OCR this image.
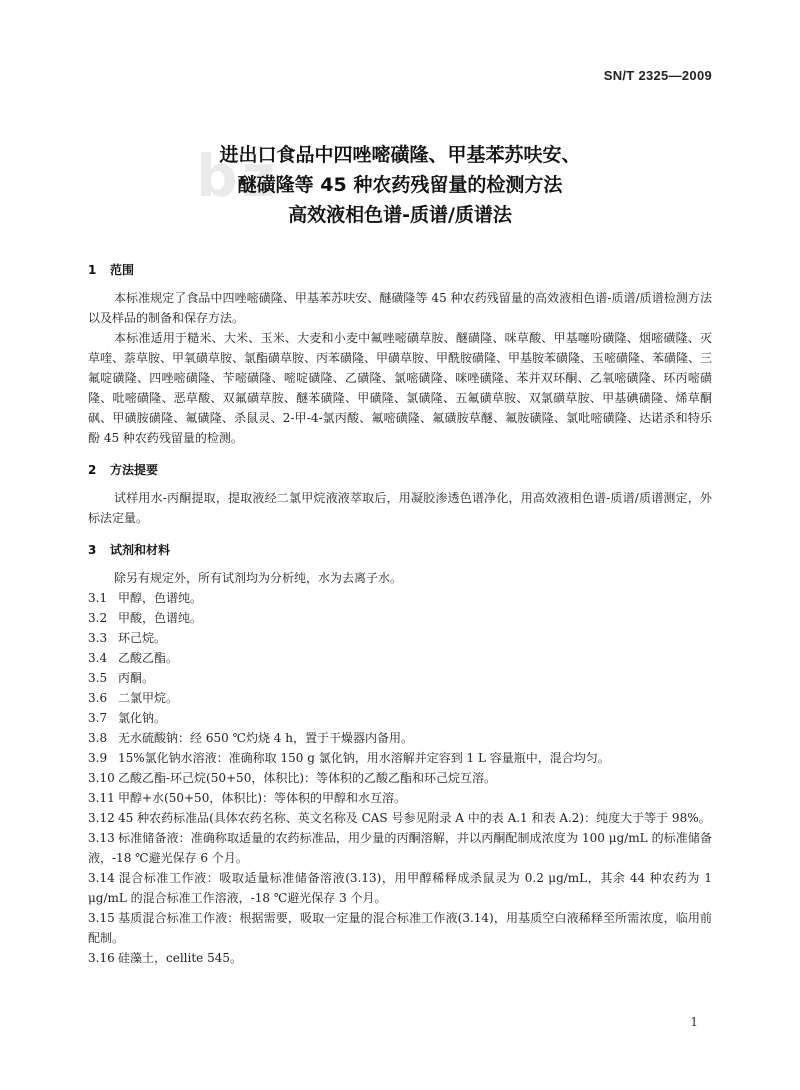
SN/T 2325—2009
bz
进出口食品中四唑嘧磺隆、甲基苯苏呋安、
醚磺隆等 45 种农药残留量的检测方法
高效液相色谱-质谱/质谱法

1 范围

本标准规定了食品中四唑嘧磺隆、甲基苯苏呋安、醚磺隆等 45 种农药残留量的高效液相色谱-质谱/质谱检测方法以及样品的制备和保存方法。

本标准适用于糙米、大米、玉米、大麦和小麦中氟唑嘧磺草胺、醚磺隆、咪草酸、甲基噻吩磺隆、烟嘧磺隆、灭草喹、萘草胺、甲氧磺草胺、氯酯磺草胺、丙苯磺隆、甲磺草胺、甲酰胺磺隆、甲基胺苯磺隆、玉嘧磺隆、苯磺隆、三氟啶磺隆、四唑嘧磺隆、苄嘧磺隆、嘧啶磺隆、乙磺隆、氯嘧磺隆、咪唑磺隆、苯并双环酮、乙氧嘧磺隆、环丙嘧磺隆、吡嘧磺隆、恶草酸、双氟磺草胺、醚苯磺隆、甲磺隆、氯磺隆、五氟磺草胺、双氯磺草胺、甲基碘磺隆、烯草酮砜、甲磺胺磺隆、氟磺隆、杀鼠灵、2-甲-4-氯丙酸、氟嘧磺隆、氟磺胺草醚、氟胺磺隆、氯吡嘧磺隆、达诺杀和特乐酚 45 种农药残留量的检测。

2 方法提要

试样用水-丙酮提取，提取液经二氯甲烷液液萃取后，用凝胶渗透色谱净化，用高效液相色谱-质谱/质谱测定，外标法定量。

3 试剂和材料

除另有规定外，所有试剂均为分析纯，水为去离子水。

3.1 甲醇，色谱纯。

3.2 甲酸，色谱纯。

3.3 环己烷。

3.4 乙酸乙酯。

3.5 丙酮。

3.6 二氯甲烷。

3.7 氯化钠。

3.8 无水硫酸钠：经 650 ℃灼烧 4 h，置于干燥器内备用。

3.9 15%氯化钠水溶液：准确称取 150 g 氯化钠，用水溶解并定容到 1 L 容量瓶中，混合均匀。

3.10 乙酸乙酯-环己烷(50+50，体积比)：等体积的乙酸乙酯和环己烷互溶。

3.11 甲醇+水(50+50，体积比)：等体积的甲醇和水互溶。

3.12 45 种农药标准品(具体农药名称、英文名称及 CAS 号参见附录 A 中的表 A.1 和表 A.2)：纯度大于等于 98%。

3.13 标准储备液：准确称取适量的农药标准品，用少量的丙酮溶解，并以丙酮配制成浓度为 100 μg/mL 的标准储备液，-18 ℃避光保存 6 个月。

3.14 混合标准工作液：吸取适量标准储备溶液(3.13)，用甲醇稀释成杀鼠灵为 0.2 μg/mL，其余 44 种农药为 1 μg/mL 的混合标准工作溶液，-18 ℃避光保存 3 个月。

3.15 基质混合标准工作液：根据需要，吸取一定量的混合标准工作液(3.14)，用基质空白液稀释至所需浓度，临用前配制。

3.16 硅藻土，cellite 545。

1
